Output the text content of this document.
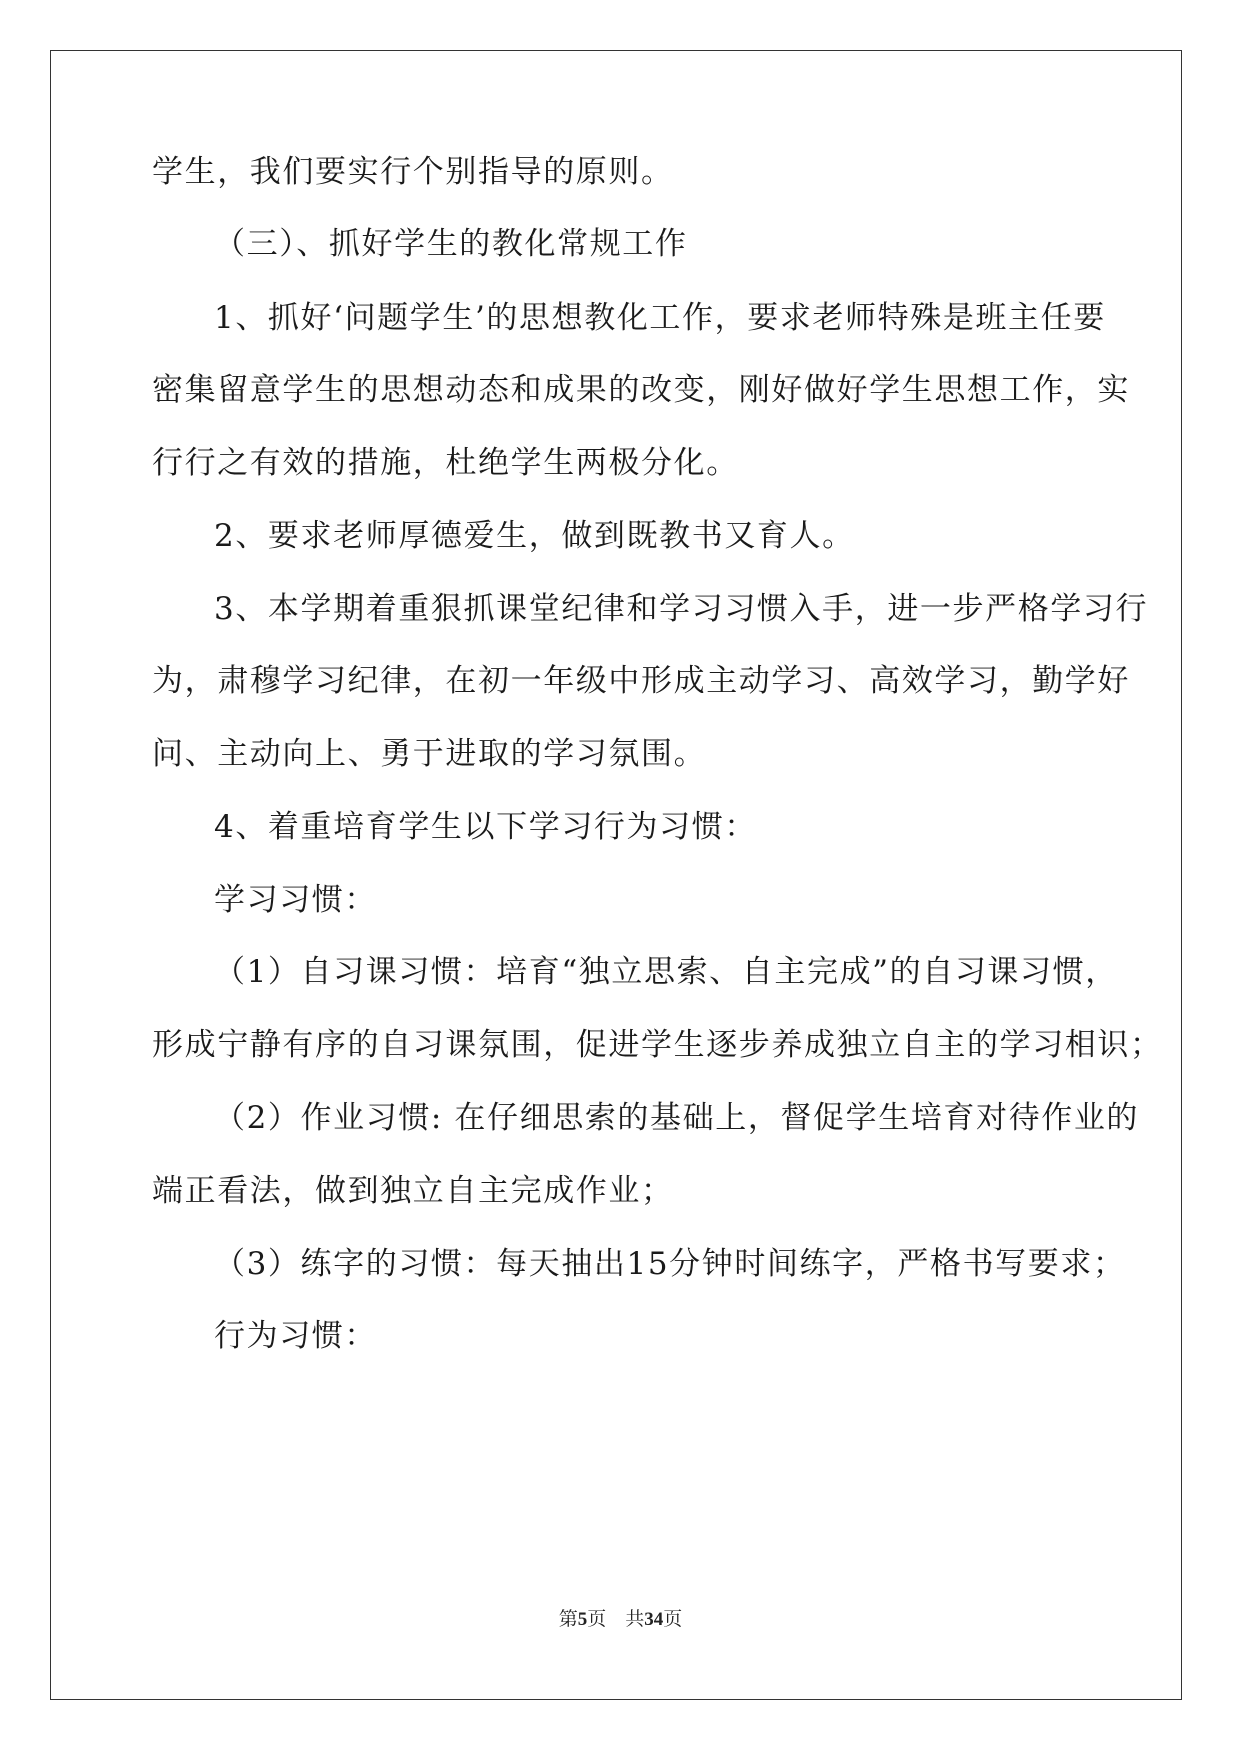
学生，我们要实行个别指导的原则。
（三）、抓好学生的教化常规工作
1、抓好‘问题学生’的思想教化工作，要求老师特殊是班主任要
密集留意学生的思想动态和成果的改变，刚好做好学生思想工作，实
行行之有效的措施，杜绝学生两极分化。
2、要求老师厚德爱生，做到既教书又育人。
3、本学期着重狠抓课堂纪律和学习习惯入手，进一步严格学习行
为，肃穆学习纪律，在初一年级中形成主动学习、高效学习，勤学好
问、主动向上、勇于进取的学习氛围。
4、着重培育学生以下学习行为习惯：
学习习惯：
（1）自习课习惯：培育“独立思索、自主完成”的自习课习惯，
形成宁静有序的自习课氛围，促进学生逐步养成独立自主的学习相识；
（2）作业习惯: 在仔细思索的基础上，督促学生培育对待作业的
端正看法，做到独立自主完成作业；
（3）练字的习惯：每天抽出15分钟时间练字，严格书写要求；
行为习惯：
第5页　共34页
